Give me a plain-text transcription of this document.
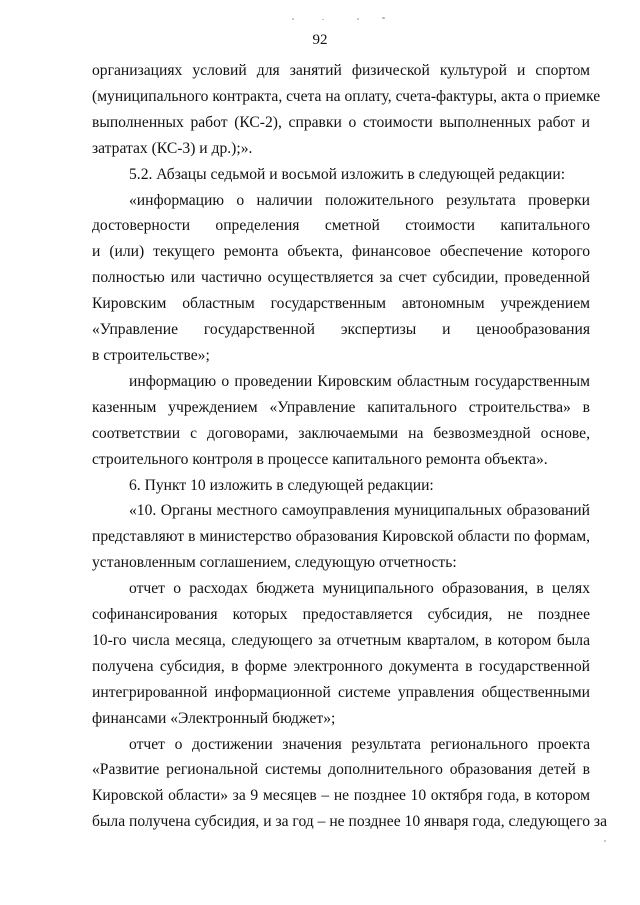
92
организациях условий для занятий физической культурой и спортом
(муниципального контракта, счета на оплату, счета-фактуры, акта о приемке
выполненных работ (КС-2), справки о стоимости выполненных работ и
затратах (КС-3) и др.);».
5.2. Абзацы седьмой и восьмой изложить в следующей редакции:
«информацию о наличии положительного результата проверки
достоверности определения сметной стоимости капитального
и (или) текущего ремонта объекта, финансовое обеспечение которого
полностью или частично осуществляется за счет субсидии, проведенной
Кировским областным государственным автономным учреждением
«Управление государственной экспертизы и ценообразования
в строительстве»;
информацию о проведении Кировским областным государственным
казенным учреждением «Управление капитального строительства» в
соответствии с договорами, заключаемыми на безвозмездной основе,
строительного контроля в процессе капитального ремонта объекта».
6. Пункт 10 изложить в следующей редакции:
«10. Органы местного самоуправления муниципальных образований
представляют в министерство образования Кировской области по формам,
установленным соглашением, следующую отчетность:
отчет о расходах бюджета муниципального образования, в целях
софинансирования которых предоставляется субсидия, не позднее
10-го числа месяца, следующего за отчетным кварталом, в котором была
получена субсидия, в форме электронного документа в государственной
интегрированной информационной системе управления общественными
финансами «Электронный бюджет»;
отчет о достижении значения результата регионального проекта
«Развитие региональной системы дополнительного образования детей в
Кировской области» за 9 месяцев – не позднее 10 октября года, в котором
была получена субсидия, и за год – не позднее 10 января года, следующего за
